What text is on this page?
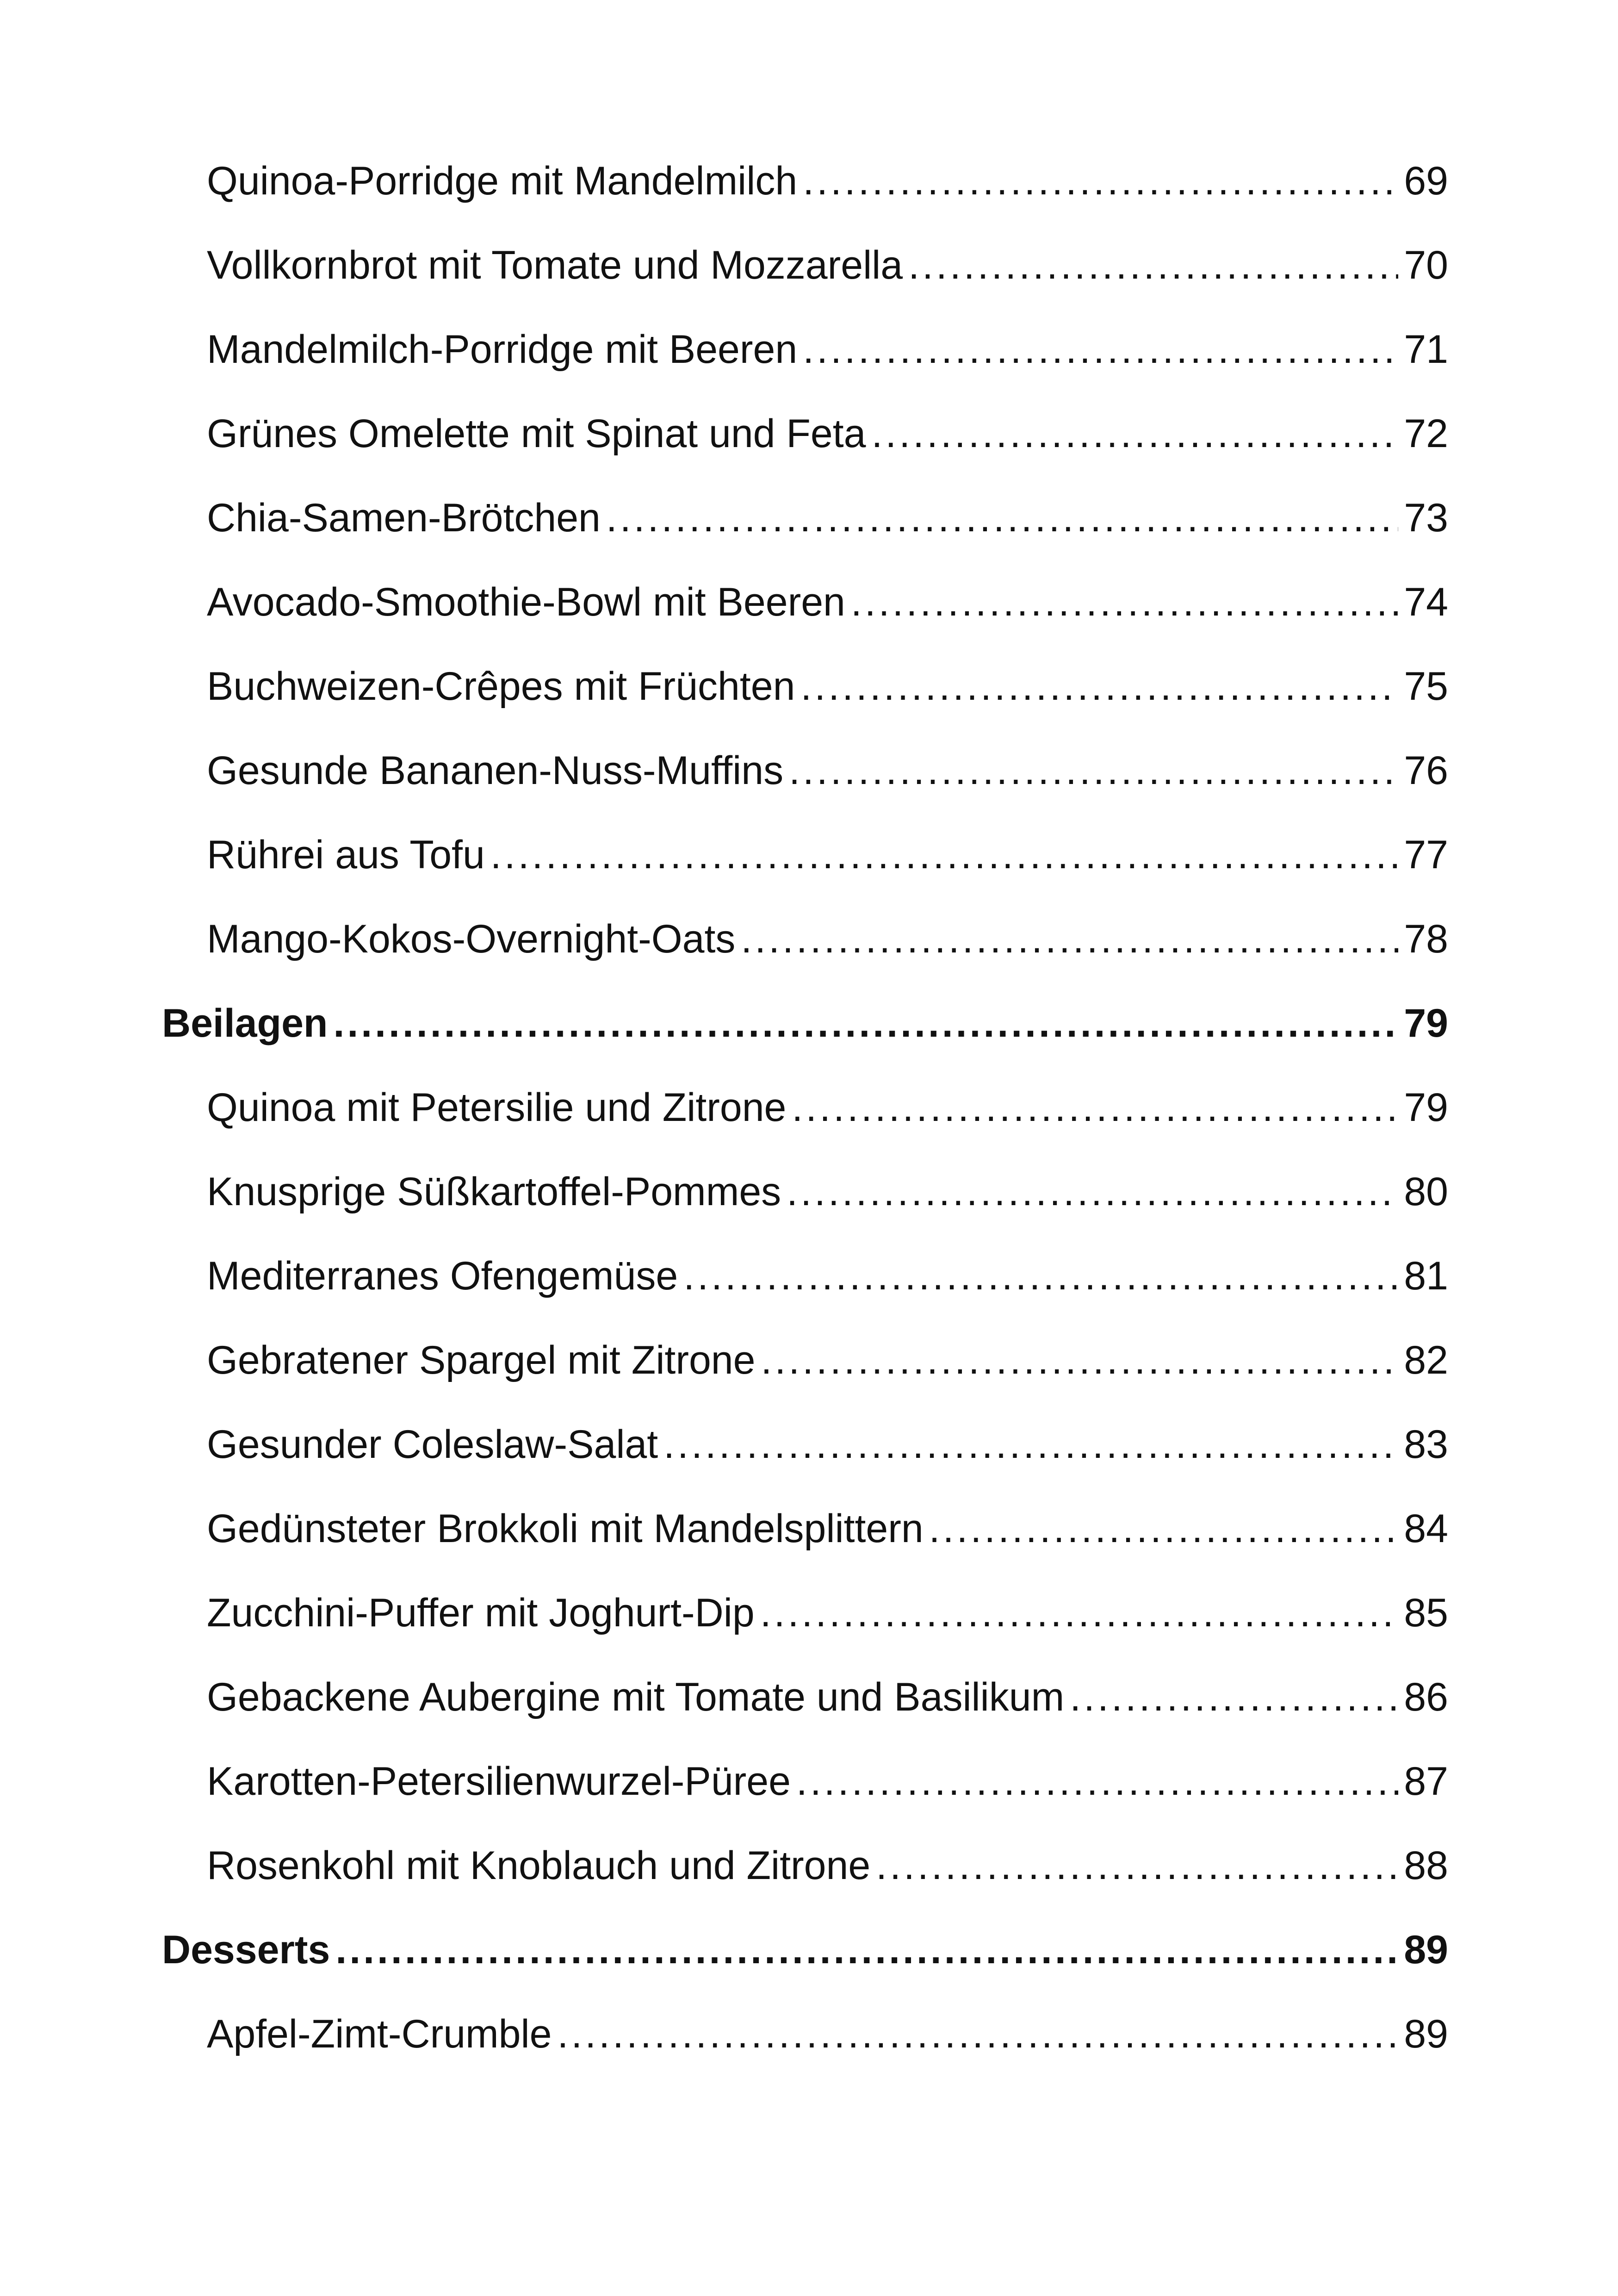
Quinoa-Porridge mit Mandelmilch .....	69
Vollkornbrot mit Tomate und Mozzarella .....	70
Mandelmilch-Porridge mit Beeren .....	71
Grünes Omelette mit Spinat und Feta .....	72
Chia-Samen-Brötchen .....	73
Avocado-Smoothie-Bowl mit Beeren .....	74
Buchweizen-Crêpes mit Früchten .....	75
Gesunde Bananen-Nuss-Muffins .....	76
Rührei aus Tofu .....	77
Mango-Kokos-Overnight-Oats .....	78
Beilagen .....	79
Quinoa mit Petersilie und Zitrone .....	79
Knusprige Süßkartoffel-Pommes .....	80
Mediterranes Ofengemüse .....	81
Gebratener Spargel mit Zitrone .....	82
Gesunder Coleslaw-Salat .....	83
Gedünsteter Brokkoli mit Mandelsplittern .....	84
Zucchini-Puffer mit Joghurt-Dip .....	85
Gebackene Aubergine mit Tomate und Basilikum .....	86
Karotten-Petersilienwurzel-Püree .....	87
Rosenkohl mit Knoblauch und Zitrone .....	88
Desserts .....	89
Apfel-Zimt-Crumble .....	89
